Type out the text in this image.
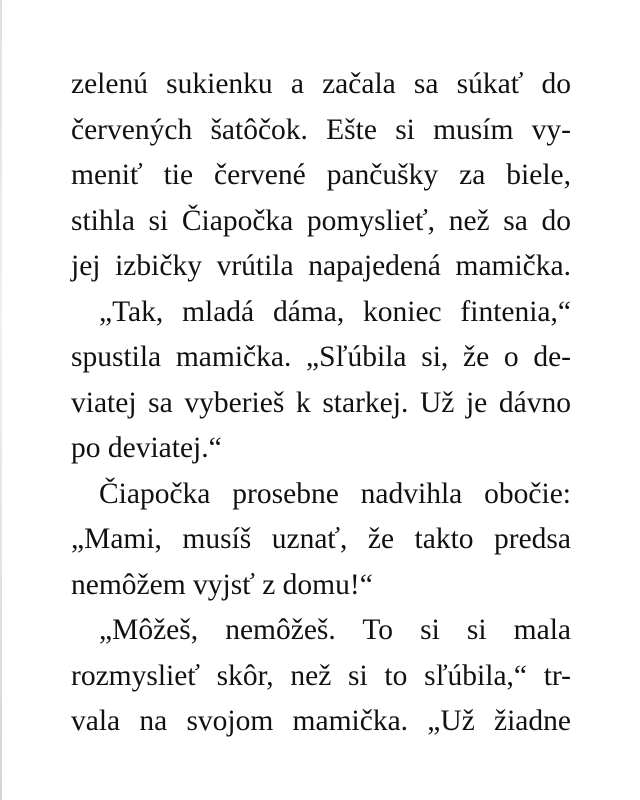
zelenú sukienku a začala sa súkať do
červených šatôčok. Ešte si musím vy-
meniť tie červené pančušky za biele,
stihla si Čiapočka pomyslieť, než sa do
jej izbičky vrútila napajedená mamička.
„Tak, mladá dáma, koniec fintenia,“
spustila mamička. „Sľúbila si, že o de-
viatej sa vyberieš k starkej. Už je dávno
po deviatej.“
Čiapočka prosebne nadvihla obočie:
„Mami, musíš uznať, že takto predsa
nemôžem vyjsť z domu!“
„Môžeš, nemôžeš. To si si mala
rozmyslieť skôr, než si to sľúbila,“ tr-
vala na svojom mamička. „Už žiadne
